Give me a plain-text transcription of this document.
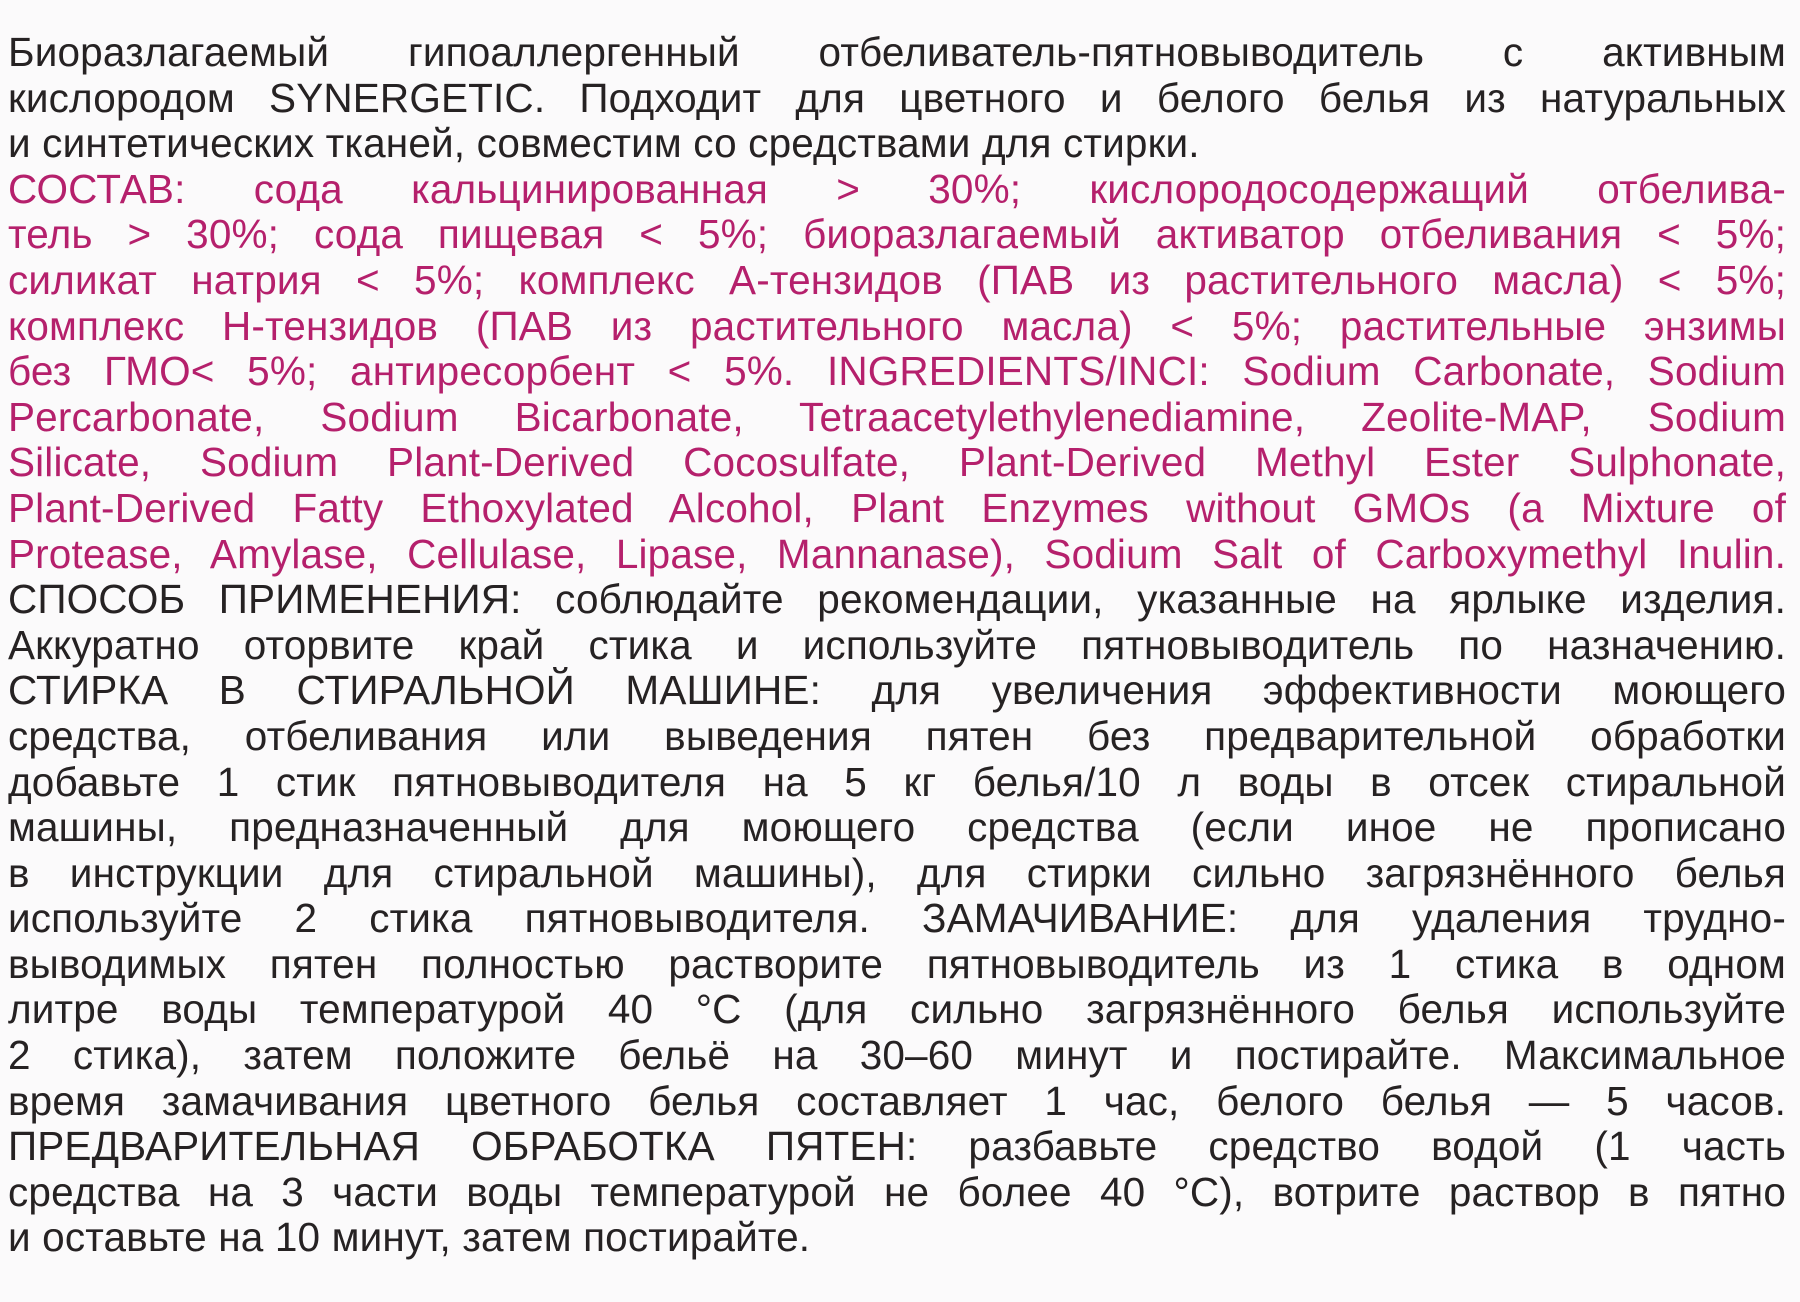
Биоразлагаемый гипоаллергенный отбеливатель-пятновыводитель с активным
кислородом SYNERGETIC. Подходит для цветного и белого белья из натуральных
и синтетических тканей, совместим со средствами для стирки.
СОСТАВ: сода кальцинированная > 30%; кислородосодержащий отбелива-
тель > 30%; сода пищевая < 5%; биоразлагаемый активатор отбеливания < 5%;
силикат натрия < 5%; комплекс А-тензидов (ПАВ из растительного масла) < 5%;
комплекс Н-тензидов (ПАВ из растительного масла) < 5%; растительные энзимы
без ГМО< 5%; антиресорбент < 5%. INGREDIENTS/INCI: Sodium Carbonate, Sodium
Percarbonate, Sodium Bicarbonate, Tetraacetylethylenediamine, Zeolite-MAP, Sodium
Silicate, Sodium Plant-Derived Cocosulfate, Plant-Derived Methyl Ester Sulphonate,
Plant-Derived Fatty Ethoxylated Alcohol, Plant Enzymes without GMOs (a Mixture of
Protease, Amylase, Cellulase, Lipase, Mannanase), Sodium Salt of Carboxymethyl Inulin.
СПОСОБ ПРИМЕНЕНИЯ: соблюдайте рекомендации, указанные на ярлыке изделия.
Аккуратно оторвите край стика и используйте пятновыводитель по назначению.
СТИРКА В СТИРАЛЬНОЙ МАШИНЕ: для увеличения эффективности моющего
средства, отбеливания или выведения пятен без предварительной обработки
добавьте 1 стик пятновыводителя на 5 кг белья/10 л воды в отсек стиральной
машины, предназначенный для моющего средства (если иное не прописано
в инструкции для стиральной машины), для стирки сильно загрязнённого белья
используйте 2 стика пятновыводителя. ЗАМАЧИВАНИЕ: для удаления трудно-
выводимых пятен полностью растворите пятновыводитель из 1 стика в одном
литре воды температурой 40 °С (для сильно загрязнённого белья используйте
2 стика), затем положите бельё на 30–60 минут и постирайте. Максимальное
время замачивания цветного белья составляет 1 час, белого белья — 5 часов.
ПРЕДВАРИТЕЛЬНАЯ ОБРАБОТКА ПЯТЕН: разбавьте средство водой (1 часть
средства на 3 части воды температурой не более 40 °С), вотрите раствор в пятно
и оставьте на 10 минут, затем постирайте.
